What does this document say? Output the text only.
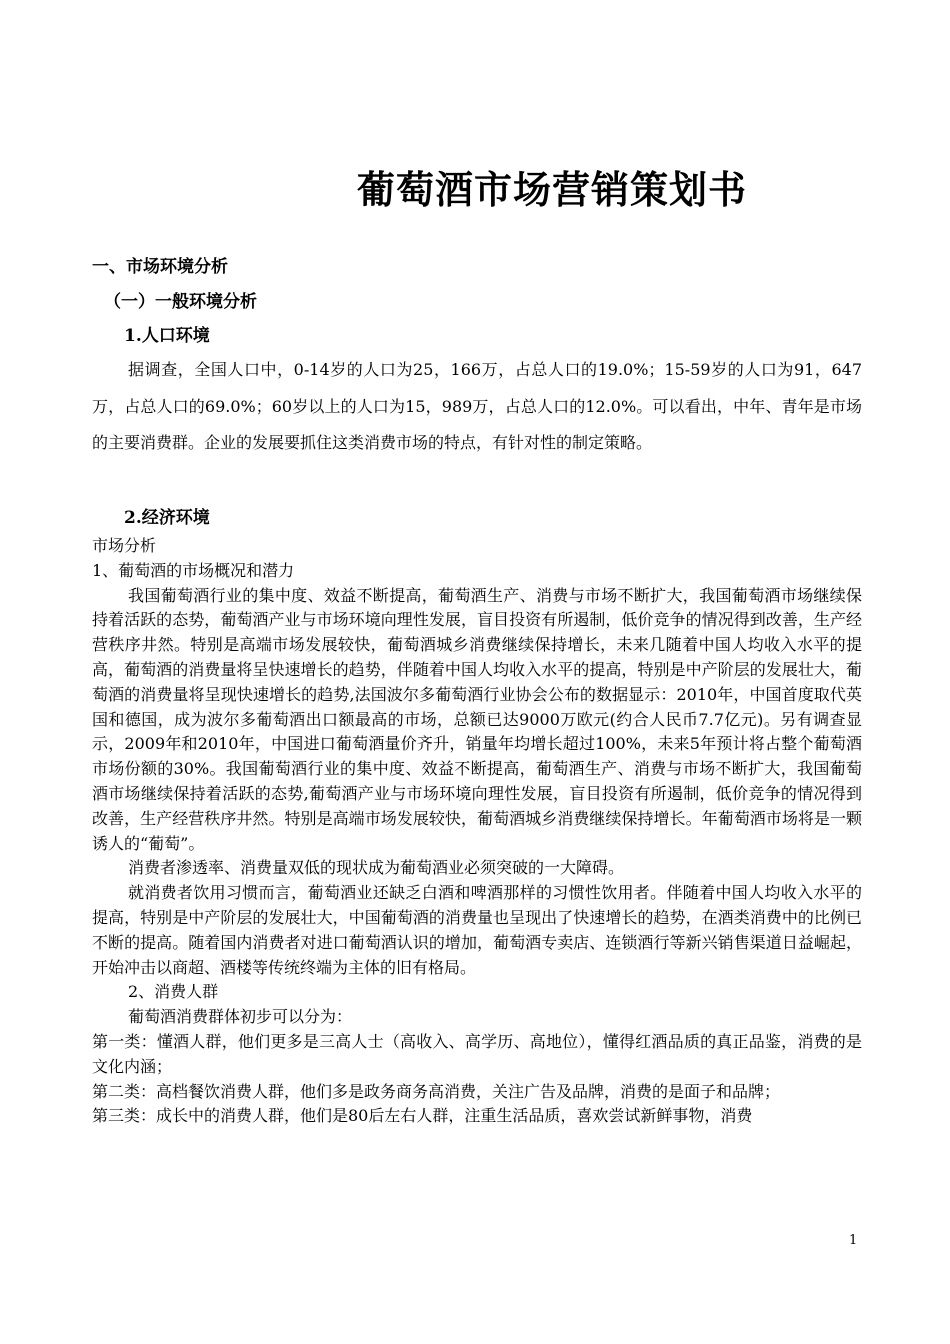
葡萄酒市场营销策划书
一、市场环境分析
（一）一般环境分析
1.人口环境
据调查，全国人口中，0-14岁的人口为25，166万，占总人口的19.0%；15-59岁的人口为91，647万，占总人口的69.0%；60岁以上的人口为15，989万，占总人口的12.0%。可以看出，中年、青年是市场的主要消费群。企业的发展要抓住这类消费市场的特点，有针对性的制定策略。
2.经济环境

市场分析

1、葡萄酒的市场概况和潜力

我国葡萄酒行业的集中度、效益不断提高，葡萄酒生产、消费与市场不断扩大，我国葡萄酒市场继续保持着活跃的态势，葡萄酒产业与市场环境向理性发展，盲目投资有所遏制，低价竞争的情况得到改善，生产经营秩序井然。特别是高端市场发展较快，葡萄酒城乡消费继续保持增长，未来几随着中国人均收入水平的提高，葡萄酒的消费量将呈快速增长的趋势，伴随着中国人均收入水平的提高，特别是中产阶层的发展壮大，葡萄酒的消费量将呈现快速增长的趋势,法国波尔多葡萄酒行业协会公布的数据显示：2010年，中国首度取代英国和德国，成为波尔多葡萄酒出口额最高的市场，总额已达9000万欧元(约合人民币7.7亿元)。另有调查显示，2009年和2010年，中国进口葡萄酒量价齐升，销量年均增长超过100%，未来5年预计将占整个葡萄酒市场份额的30%。我国葡萄酒行业的集中度、效益不断提高，葡萄酒生产、消费与市场不断扩大，我国葡萄酒市场继续保持着活跃的态势,葡萄酒产业与市场环境向理性发展，盲目投资有所遏制，低价竞争的情况得到改善，生产经营秩序井然。特别是高端市场发展较快，葡萄酒城乡消费继续保持增长。年葡萄酒市场将是一颗诱人的“葡萄”。

消费者渗透率、消费量双低的现状成为葡萄酒业必须突破的一大障碍。

就消费者饮用习惯而言，葡萄酒业还缺乏白酒和啤酒那样的习惯性饮用者。伴随着中国人均收入水平的提高，特别是中产阶层的发展壮大，中国葡萄酒的消费量也呈现出了快速增长的趋势，在酒类消费中的比例已不断的提高。随着国内消费者对进口葡萄酒认识的增加，葡萄酒专卖店、连锁酒行等新兴销售渠道日益崛起，开始冲击以商超、酒楼等传统终端为主体的旧有格局。

2、消费人群

葡萄酒消费群体初步可以分为：

第一类：懂酒人群，他们更多是三高人士（高收入、高学历、高地位），懂得红酒品质的真正品鉴，消费的是文化内涵；

第二类：高档餐饮消费人群，他们多是政务商务高消费，关注广告及品牌，消费的是面子和品牌；

第三类：成长中的消费人群，他们是80后左右人群，注重生活品质，喜欢尝试新鲜事物，消费

1
